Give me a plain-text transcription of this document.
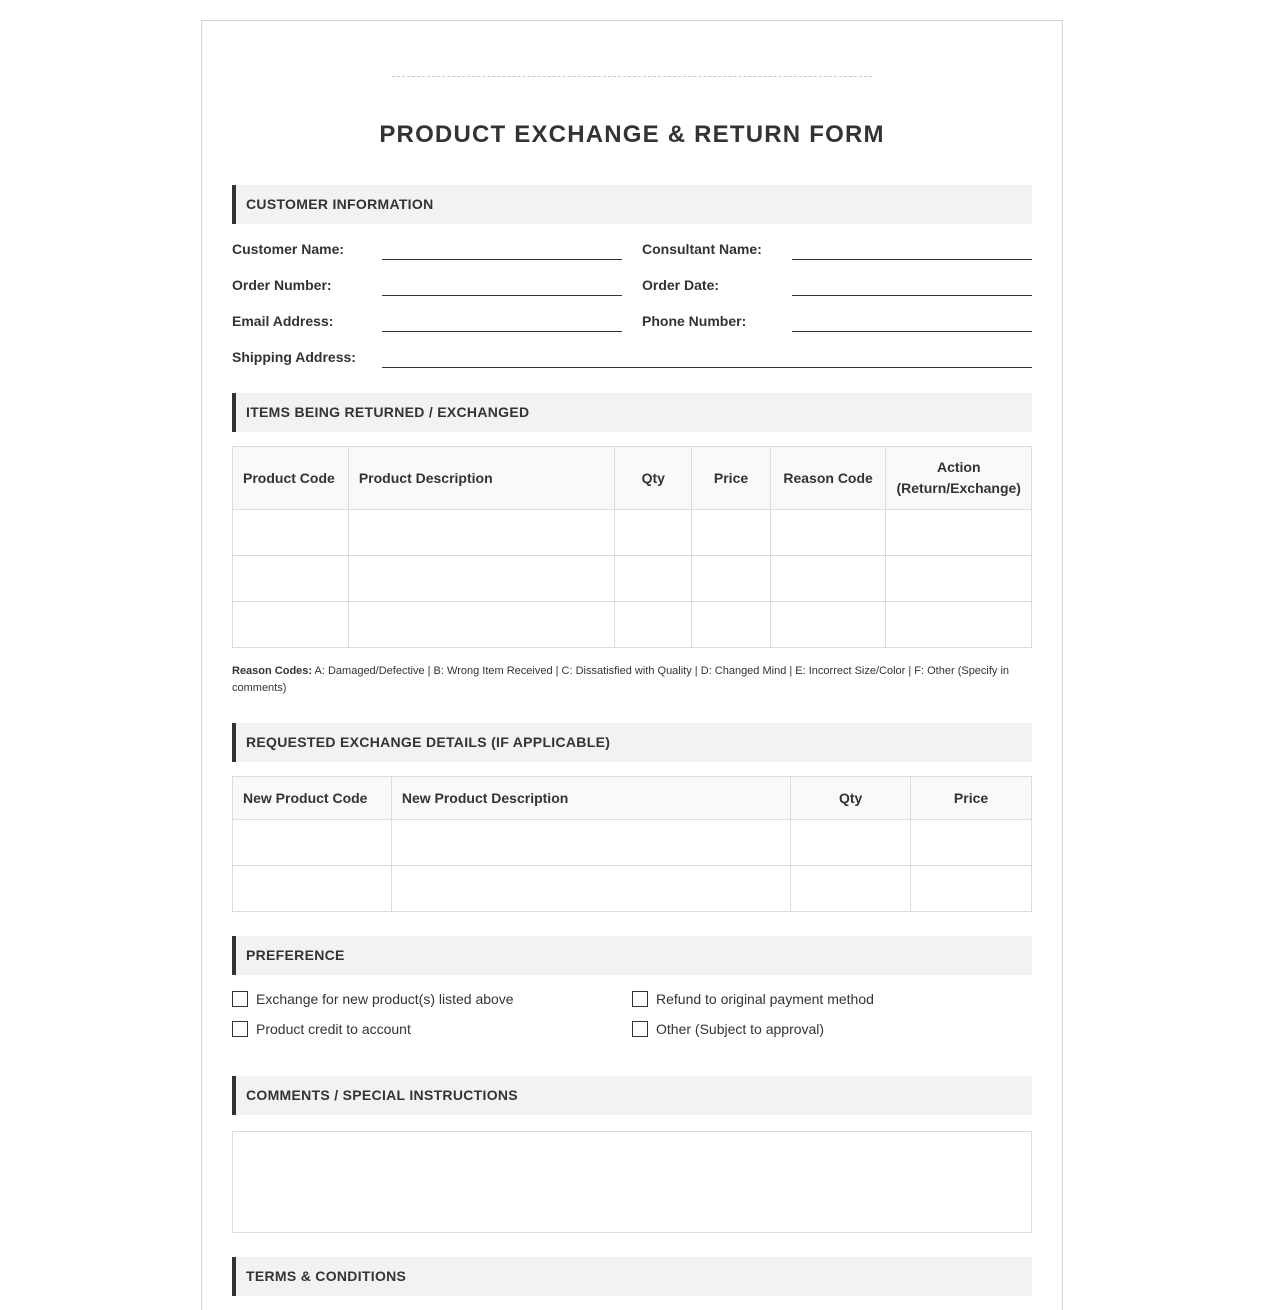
PRODUCT EXCHANGE & RETURN FORM
CUSTOMER INFORMATION
Customer Name:	Consultant Name:
Order Number:	Order Date:
Email Address:	Phone Number:
Shipping Address:
ITEMS BEING RETURNED / EXCHANGED
Product Code	Product Description	Qty	Price	Reason Code	Action
(Return/Exchange)

Reason Codes: A: Damaged/Defective | B: Wrong Item Received | C: Dissatisfied with Quality | D: Changed Mind | E: Incorrect Size/Color | F: Other (Specify in comments)
REQUESTED EXCHANGE DETAILS (IF APPLICABLE)
New Product Code	New Product Description	Qty	Price

PREFERENCE
Exchange for new product(s) listed above	Refund to original payment method
Product credit to account	Other (Subject to approval)
COMMENTS / SPECIAL INSTRUCTIONS
TERMS & CONDITIONS
